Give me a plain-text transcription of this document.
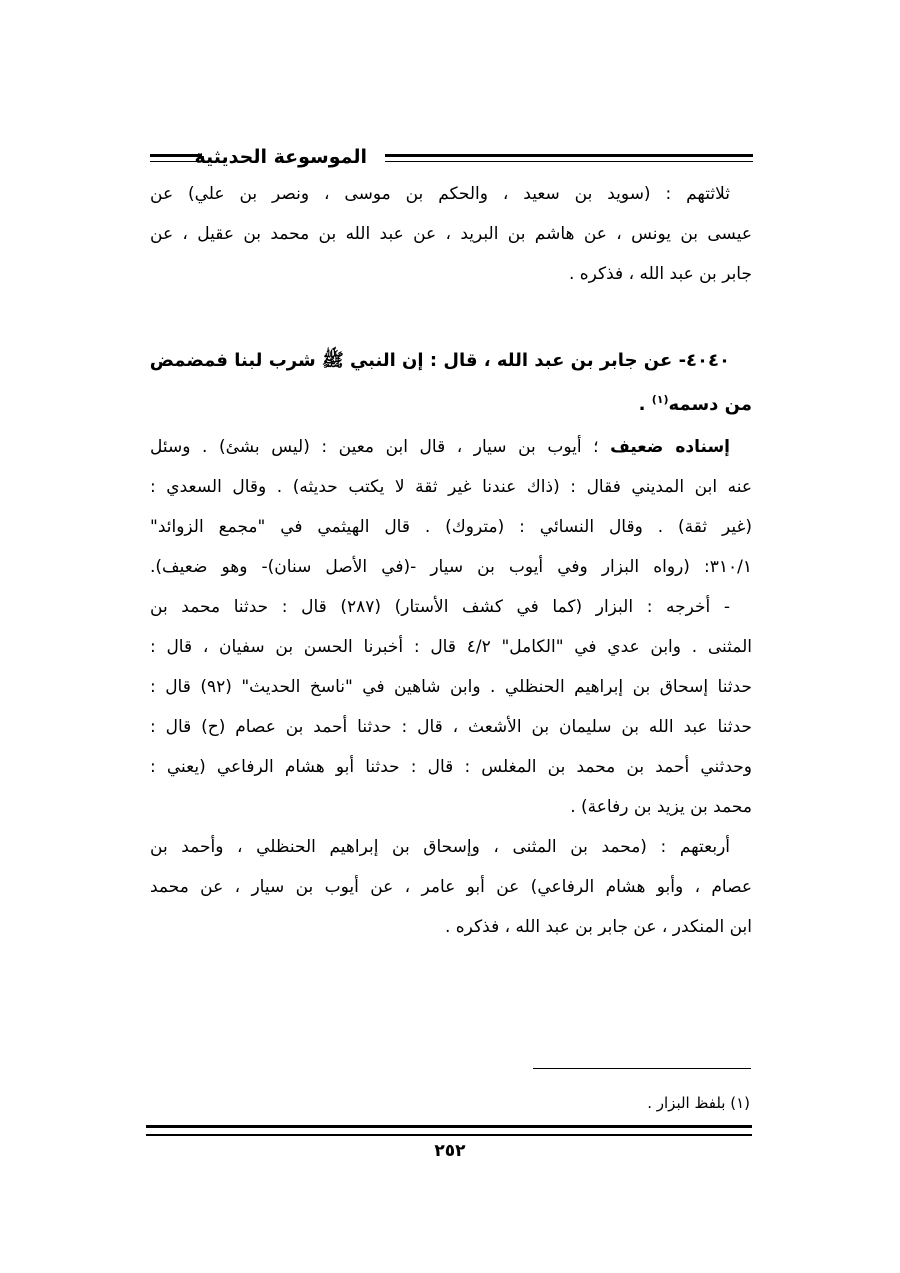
الموسوعة الحديثية
ثلاثتهم : (سويد بن سعيد ، والحكم بن موسى ، ونصر بن علي) عن
عيسى بن يونس ، عن هاشم بن البريد ، عن عبد الله بن محمد بن عقيل ، عن
جابر بن عبد الله ، فذكره .
٤٠٤٠- عن جابر بن عبد الله ، قال : إن النبي ﷺ شرب لبنا فمضمض
من دسمه$^{(١)}$ .
إسناده ضعيف ؛ أيوب بن سيار ، قال ابن معين : (ليس بشئ) . وسئل
عنه ابن المديني فقال : (ذاك عندنا غير ثقة لا يكتب حديثه) . وقال السعدي :
(غير ثقة) . وقال النسائي : (متروك) . قال الهيثمي في "مجمع الزوائد"
٣١٠/١: (رواه البزار وفي أيوب بن سيار -(في الأصل سنان)- وهو ضعيف).
- أخرجه : البزار (كما في كشف الأستار) (٢٨٧) قال : حدثنا محمد بن
المثنى . وابن عدي في "الكامل" ٤/٢ قال : أخبرنا الحسن بن سفيان ، قال :
حدثنا إسحاق بن إبراهيم الحنظلي . وابن شاهين في "ناسخ الحديث" (٩٢) قال :
حدثنا عبد الله بن سليمان بن الأشعث ، قال : حدثنا أحمد بن عصام (ح) قال :
وحدثني أحمد بن محمد بن المغلس : قال : حدثنا أبو هشام الرفاعي (يعني :
محمد بن يزيد بن رفاعة) .
أربعتهم : (محمد بن المثنى ، وإسحاق بن إبراهيم الحنظلي ، وأحمد بن
عصام ، وأبو هشام الرفاعي) عن أبو عامر ، عن أيوب بن سيار ، عن محمد
ابن المنكدر ، عن جابر بن عبد الله ، فذكره .
(١) بلفظ البزار .
٢٥٢
